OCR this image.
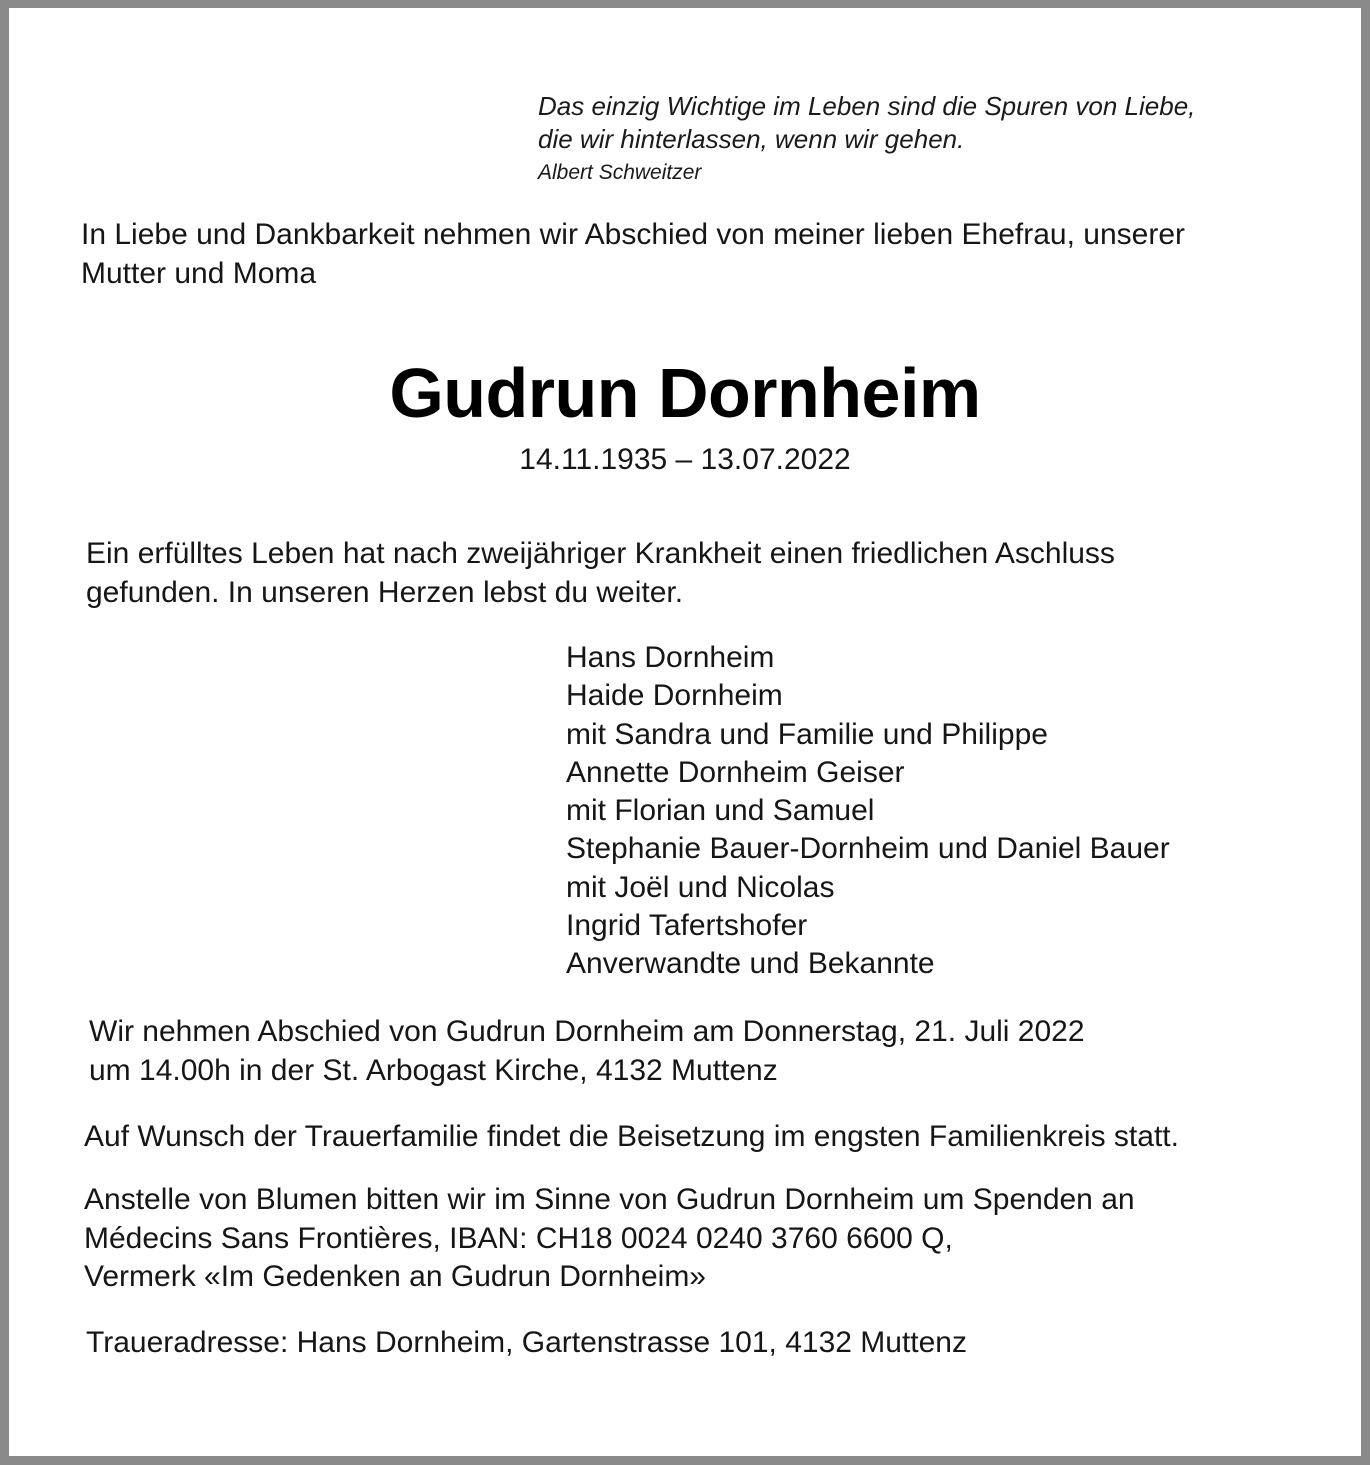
Das einzig Wichtige im Leben sind die Spuren von Liebe,
die wir hinterlassen, wenn wir gehen.
Albert Schweitzer
In Liebe und Dankbarkeit nehmen wir Abschied von meiner lieben Ehefrau, unserer
Mutter und Moma
Gudrun Dornheim
14.11.1935 – 13.07.2022
Ein erfülltes Leben hat nach zweijähriger Krankheit einen friedlichen Aschluss
gefunden. In unseren Herzen lebst du weiter.
Hans Dornheim
Haide Dornheim
mit Sandra und Familie und Philippe
Annette Dornheim Geiser
mit Florian und Samuel
Stephanie Bauer-Dornheim und Daniel Bauer
mit Joël und Nicolas
Ingrid Tafertshofer
Anverwandte und Bekannte
Wir nehmen Abschied von Gudrun Dornheim am Donnerstag, 21. Juli 2022
um 14.00h in der St. Arbogast Kirche, 4132 Muttenz
Auf Wunsch der Trauerfamilie findet die Beisetzung im engsten Familienkreis statt.
Anstelle von Blumen bitten wir im Sinne von Gudrun Dornheim um Spenden an
Médecins Sans Frontières, IBAN: CH18 0024 0240 3760 6600 Q,
Vermerk «Im Gedenken an Gudrun Dornheim»
Traueradresse: Hans Dornheim, Gartenstrasse 101, 4132 Muttenz
